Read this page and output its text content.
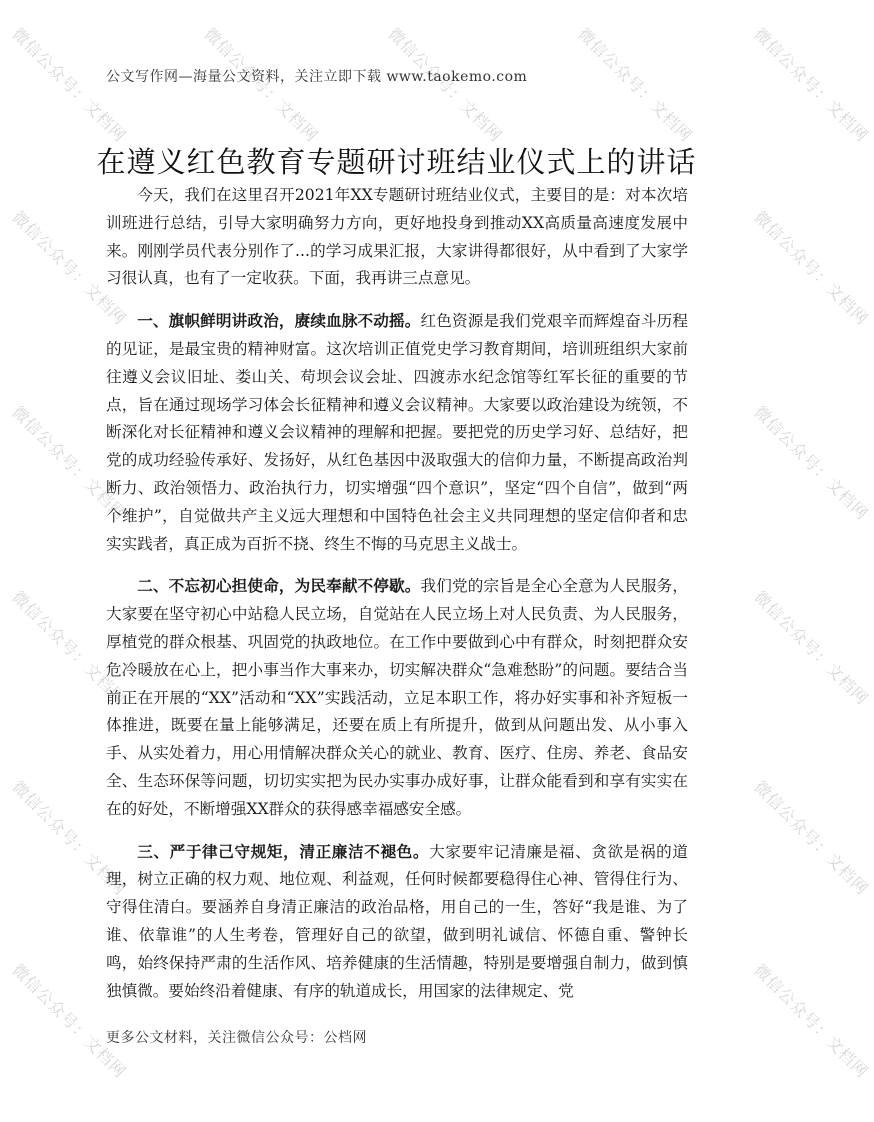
微信公众号：文档网	微信公众号：文档网	微信公众号：文档网	微信公众号：文档网	微信公众号：文档网
微信公众号：文档网	微信公众号：文档网
微信公众号：文档网	微信公众号：文档网
微信公众号：文档网	微信公众号：文档网
微信公众号：文档网	微信公众号：文档网
微信公众号：文档网	微信公众号：文档网
公文写作网—海量公文资料，关注立即下载 www.taokemo.com
在遵义红色教育专题研讨班结业仪式上的讲话

今天，我们在这里召开2021年XX专题研讨班结业仪式，主要目的是：对本次培训班进行总结，引导大家明确努力方向，更好地投身到推动XX高质量高速度发展中来。刚刚学员代表分别作了...的学习成果汇报，大家讲得都很好，从中看到了大家学习很认真，也有了一定收获。下面，我再讲三点意见。

一、旗帜鲜明讲政治，赓续血脉不动摇。红色资源是我们党艰辛而辉煌奋斗历程的见证，是最宝贵的精神财富。这次培训正值党史学习教育期间，培训班组织大家前往遵义会议旧址、娄山关、苟坝会议会址、四渡赤水纪念馆等红军长征的重要的节点，旨在通过现场学习体会长征精神和遵义会议精神。大家要以政治建设为统领，不断深化对长征精神和遵义会议精神的理解和把握。要把党的历史学习好、总结好，把党的成功经验传承好、发扬好，从红色基因中汲取强大的信仰力量，不断提高政治判断力、政治领悟力、政治执行力，切实增强“四个意识”，坚定“四个自信”，做到“两个维护”，自觉做共产主义远大理想和中国特色社会主义共同理想的坚定信仰者和忠实实践者，真正成为百折不挠、终生不悔的马克思主义战士。

二、不忘初心担使命，为民奉献不停歇。我们党的宗旨是全心全意为人民服务，大家要在坚守初心中站稳人民立场，自觉站在人民立场上对人民负责、为人民服务，厚植党的群众根基、巩固党的执政地位。在工作中要做到心中有群众，时刻把群众安危冷暖放在心上，把小事当作大事来办，切实解决群众“急难愁盼”的问题。要结合当前正在开展的“XX”活动和“XX”实践活动，立足本职工作，将办好实事和补齐短板一体推进，既要在量上能够满足，还要在质上有所提升，做到从问题出发、从小事入手、从实处着力，用心用情解决群众关心的就业、教育、医疗、住房、养老、食品安全、生态环保等问题，切切实实把为民办实事办成好事，让群众能看到和享有实实在在的好处，不断增强XX群众的获得感幸福感安全感。

三、严于律己守规矩，清正廉洁不褪色。大家要牢记清廉是福、贪欲是祸的道理，树立正确的权力观、地位观、利益观，任何时候都要稳得住心神、管得住行为、守得住清白。要涵养自身清正廉洁的政治品格，用自己的一生，答好“我是谁、为了谁、依靠谁”的人生考卷，管理好自己的欲望，做到明礼诚信、怀德自重、警钟长鸣，始终保持严肃的生活作风、培养健康的生活情趣，特别是要增强自制力，做到慎独慎微。要始终沿着健康、有序的轨道成长，用国家的法律规定、党

更多公文材料，关注微信公众号：公档网
